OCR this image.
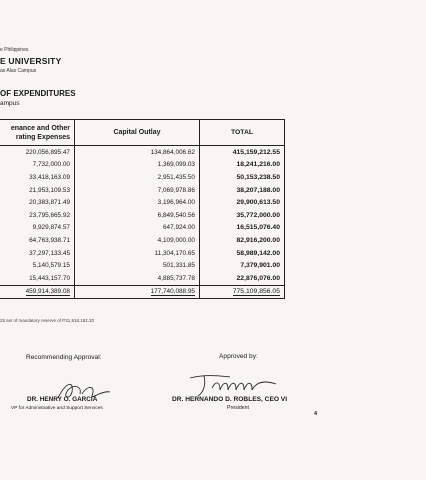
e Philippines
E UNIVERSITY
as Alas Campus
OF EXPENDITURES
ampus
enance and Other
rating Expenses	Capital Outlay	TOTAL
220,056,895.47	134,864,006.62	415,159,212.55
7,732,000.00	1,369,099.03	18,241,216.00
33,418,163.09	2,951,435.50	50,153,238.50
21,953,109.53	7,069,978.86	38,207,188.00
20,383,871.49	3,196,964.00	29,900,613.50
23,795,665.92	6,849,540.56	35,772,000.00
9,929,874.57	647,924.00	16,515,076.40
64,763,938.71	4,109,000.00	82,916,200.00
37,297,133.45	11,304,170.65	58,989,142.00
5,140,579.15	501,331.85	7,379,901.00
15,443,157.70	4,885,737.78	22,876,076.00
459,914,389.08	177,740,088.95	775,109,856.05
25 set of mandatory reserve of P31,918,182.20
Recommending Approval:	Approved by:
DR. HENRY O. GARCIA
VP for Administrative and Support Services
DR. HERNANDO D. ROBLES, CEO VI
President
4
